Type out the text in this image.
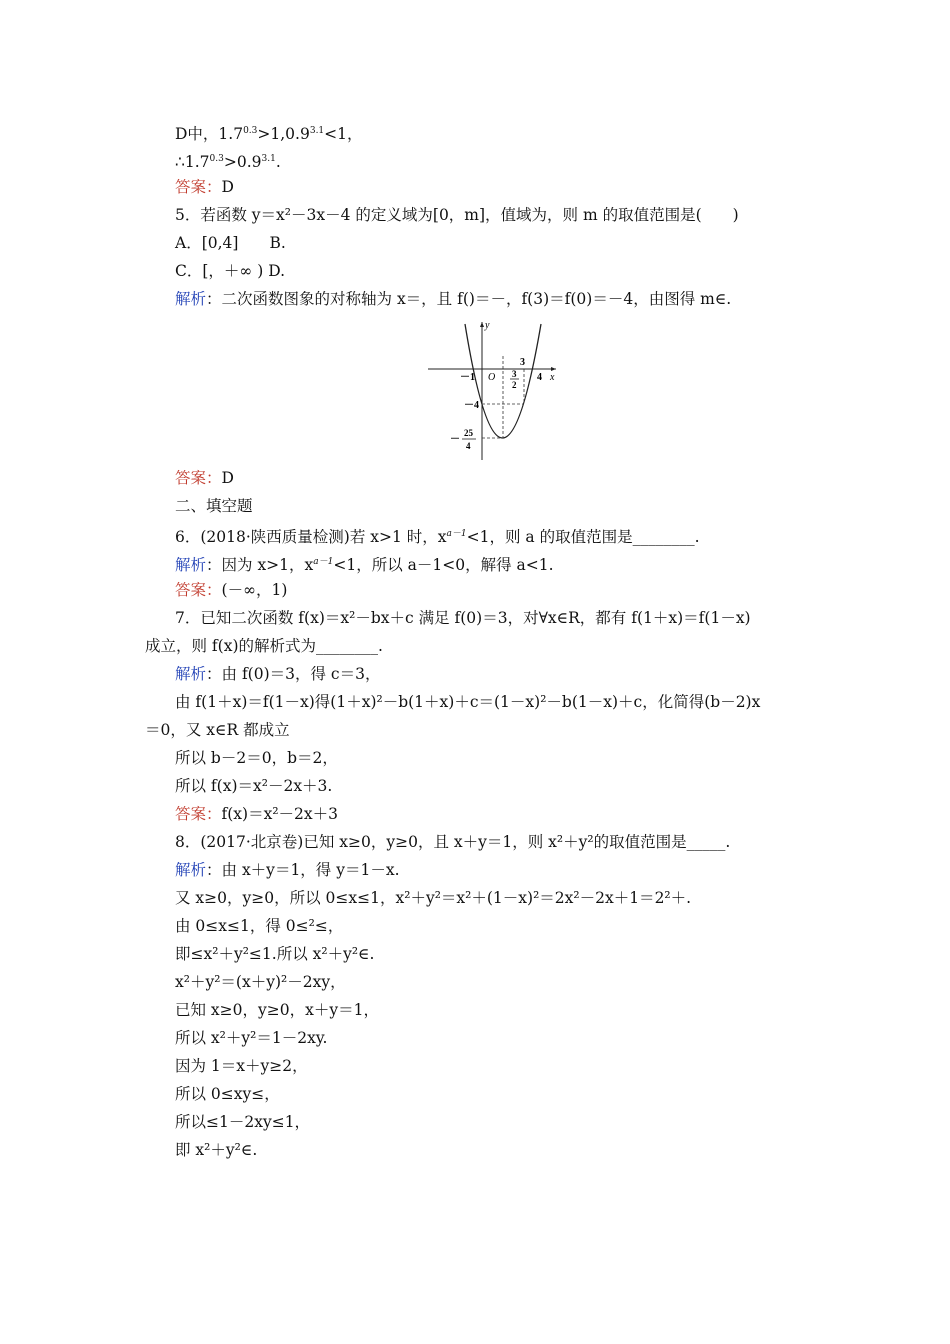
D中，$1.7^{0.3}>1,0.9^{3.1}<1$，
$\therefore 1.7^{0.3}>0.9^{3.1}$.
答案：D
5．若函数 y＝x²－3x－4 的定义域为[0，m]，值域为，则 m 的取值范围是(　　)
A．[0,4]　　B.
C．[，＋∞ ) D.
解析：二次函数图象的对称轴为 x＝，且 f()＝－，f(3)＝f(0)＝－4，由图得 m∈.
y
x
O
－1
3
3
2
4
－4
－
25
4
答案：D
二、填空题
6．(2018·陕西质量检测)若 x>1 时，$x^{a-1}<1$，则 a 的取值范围是________.
解析：因为 x>1，$x^{a-1}<1$，所以 a－1<0，解得 a<1.
答案：(－∞，1)
7．已知二次函数 f(x)＝x²－bx＋c 满足 f(0)＝3，对∀x∈R，都有 f(1＋x)＝f(1－x)
成立，则 f(x)的解析式为________.
解析：由 f(0)＝3，得 c＝3，
由 f(1＋x)＝f(1－x)得(1＋x)²－b(1＋x)＋c＝(1－x)²－b(1－x)＋c，化简得(b－2)x
＝0，又 x∈R 都成立
所以 b－2＝0，b＝2，
所以 f(x)＝x²－2x＋3.
答案：f(x)＝x²－2x＋3
8．(2017·北京卷)已知 x≥0，y≥0，且 x＋y＝1，则 x²＋y²的取值范围是_____.
解析：由 x＋y＝1，得 y＝1－x.
又 x≥0，y≥0，所以 0≤x≤1，x²＋y²＝x²＋(1－x)²＝2x²－2x＋1＝2²＋.
由 0≤x≤1，得 0≤²≤，
即≤x²＋y²≤1.所以 x²＋y²∈.
x²＋y²＝(x＋y)²－2xy，
已知 x≥0，y≥0，x＋y＝1，
所以 x²＋y²＝1－2xy.
因为 1＝x＋y≥2，
所以 0≤xy≤，
所以≤1－2xy≤1，
即 x²＋y²∈.
